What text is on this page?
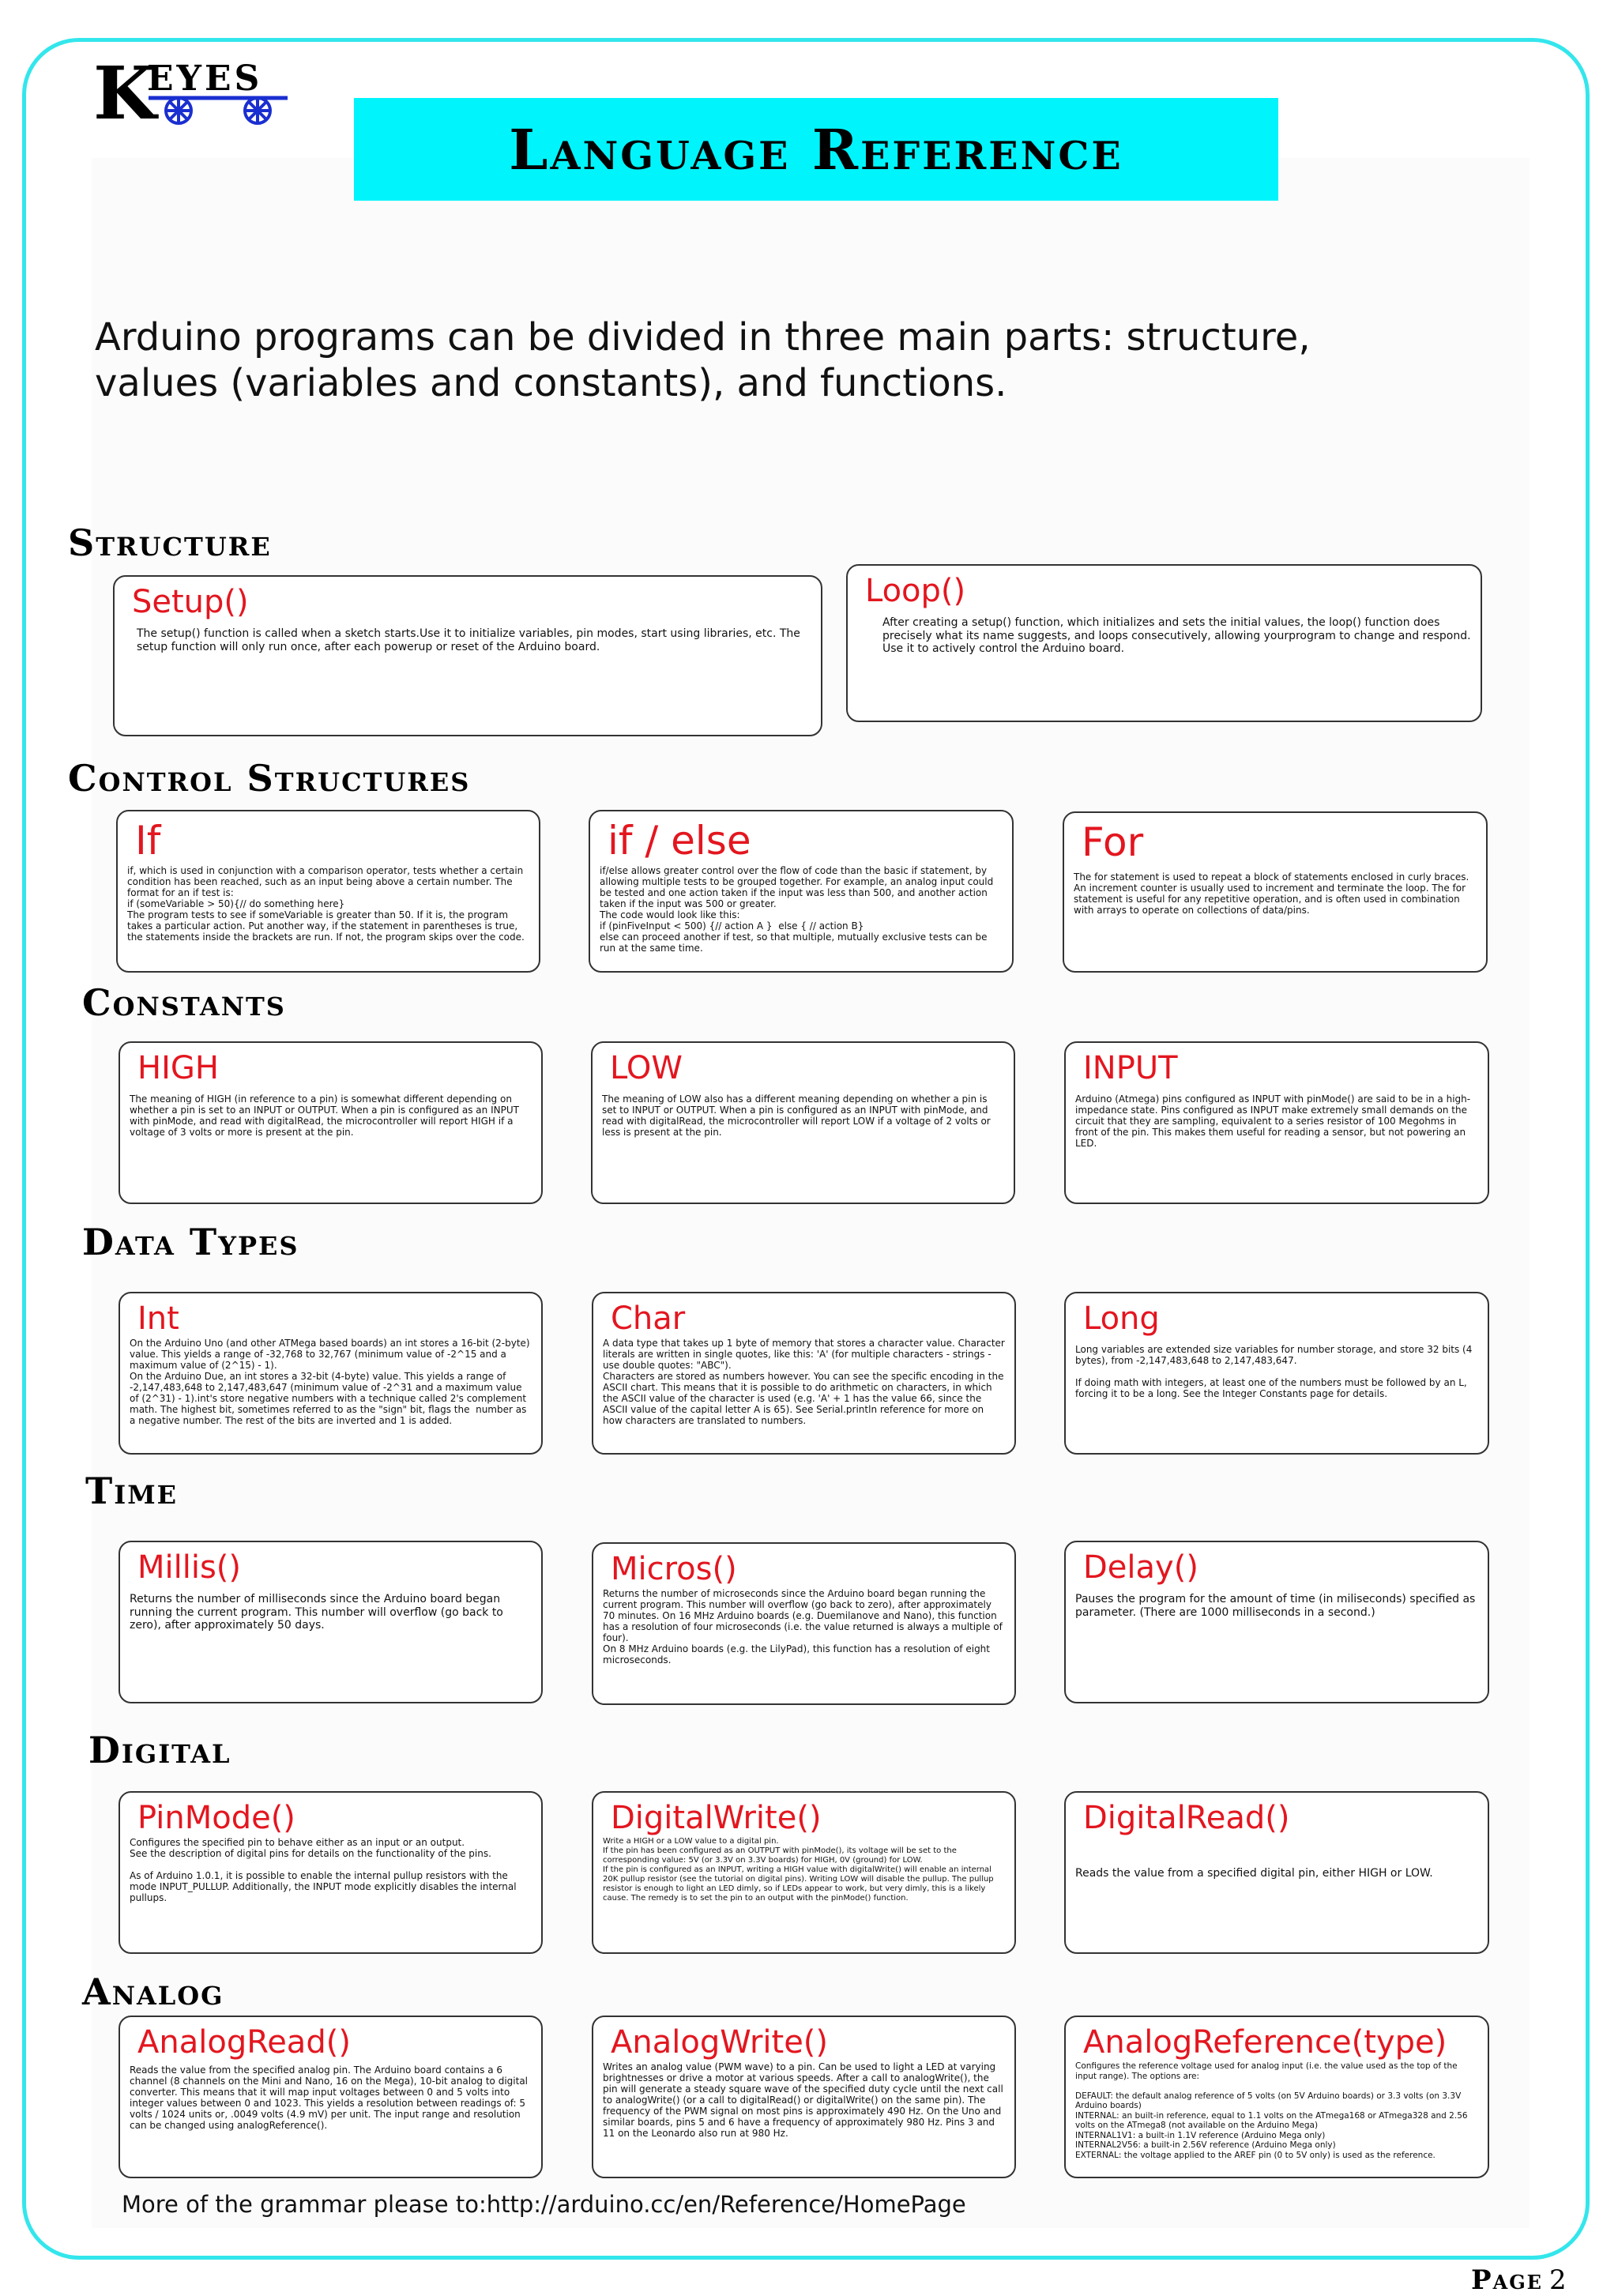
K
EYES
Language Reference
Arduino programs can be divided in three main parts: structure, values (variables and constants), and functions.
Structure
Setup()
The setup() function is called when a sketch starts.Use it to initialize variables, pin modes, start using libraries, etc. The setup function will only run once, after each powerup or reset of the Arduino board.
Loop()
After creating a setup() function, which initializes and sets the initial values, the loop() function does precisely what its name suggests, and loops consecutively, allowing yourprogram to change and respond. Use it to actively control the Arduino board.
Control Structures
If
if, which is used in conjunction with a comparison operator, tests whether a certain condition has been reached, such as an input being above a certain number. The format for an if test is:
if (someVariable > 50){// do something here}
The program tests to see if someVariable is greater than 50. If it is, the program takes a particular action. Put another way, if the statement in parentheses is true, the statements inside the brackets are run. If not, the program skips over the code.
if / else
if/else allows greater control over the flow of code than the basic if statement, by allowing multiple tests to be grouped together. For example, an analog input could be tested and one action taken if the input was less than 500, and another action taken if the input was 500 or greater.
The code would look like this:
if (pinFiveInput < 500) {// action A }  else { // action B}
else can proceed another if test, so that multiple, mutually exclusive tests can be run at the same time.
For
The for statement is used to repeat a block of statements enclosed in curly braces. An increment counter is usually used to increment and terminate the loop. The for statement is useful for any repetitive operation, and is often used in combination with arrays to operate on collections of data/pins.
Constants
HIGH
The meaning of HIGH (in reference to a pin) is somewhat different depending on whether a pin is set to an INPUT or OUTPUT. When a pin is configured as an INPUT with pinMode, and read with digitalRead, the microcontroller will report HIGH if a voltage of 3 volts or more is present at the pin.
LOW
The meaning of LOW also has a different meaning depending on whether a pin is set to INPUT or OUTPUT. When a pin is configured as an INPUT with pinMode, and read with digitalRead, the microcontroller will report LOW if a voltage of 2 volts or less is present at the pin.
INPUT
Arduino (Atmega) pins configured as INPUT with pinMode() are said to be in a high-impedance state. Pins configured as INPUT make extremely small demands on the circuit that they are sampling, equivalent to a series resistor of 100 Megohms in front of the pin. This makes them useful for reading a sensor, but not powering an LED.
Data Types
Int
On the Arduino Uno (and other ATMega based boards) an int stores a 16-bit (2-byte) value. This yields a range of -32,768 to 32,767 (minimum value of -2^15 and a maximum value of (2^15) - 1).
On the Arduino Due, an int stores a 32-bit (4-byte) value. This yields a range of -2,147,483,648 to 2,147,483,647 (minimum value of -2^31 and a maximum value of (2^31) - 1).int's store negative numbers with a technique called 2's complement math. The highest bit, sometimes referred to as the "sign" bit, flags the  number as a negative number. The rest of the bits are inverted and 1 is added.
Char
A data type that takes up 1 byte of memory that stores a character value. Character literals are written in single quotes, like this: 'A' (for multiple characters - strings - use double quotes: "ABC").
Characters are stored as numbers however. You can see the specific encoding in the ASCII chart. This means that it is possible to do arithmetic on characters, in which the ASCII value of the character is used (e.g. 'A' + 1 has the value 66, since the ASCII value of the capital letter A is 65). See Serial.println reference for more on how characters are translated to numbers.
Long
Long variables are extended size variables for number storage, and store 32 bits (4 bytes), from -2,147,483,648 to 2,147,483,647.

If doing math with integers, at least one of the numbers must be followed by an L, forcing it to be a long. See the Integer Constants page for details.
Time
Millis()
Returns the number of milliseconds since the Arduino board began running the current program. This number will overflow (go back to zero), after approximately 50 days.
Micros()
Returns the number of microseconds since the Arduino board began running the current program. This number will overflow (go back to zero), after approximately 70 minutes. On 16 MHz Arduino boards (e.g. Duemilanove and Nano), this function has a resolution of four microseconds (i.e. the value returned is always a multiple of four).
On 8 MHz Arduino boards (e.g. the LilyPad), this function has a resolution of eight microseconds.
Delay()
Pauses the program for the amount of time (in miliseconds) specified as parameter. (There are 1000 milliseconds in a second.)
Digital
PinMode()
Configures the specified pin to behave either as an input or an output.
See the description of digital pins for details on the functionality of the pins.

As of Arduino 1.0.1, it is possible to enable the internal pullup resistors with the mode INPUT_PULLUP. Additionally, the INPUT mode explicitly disables the internal pullups.
DigitalWrite()
Write a HIGH or a LOW value to a digital pin.
If the pin has been configured as an OUTPUT with pinMode(), its voltage will be set to the corresponding value: 5V (or 3.3V on 3.3V boards) for HIGH, 0V (ground) for LOW.
If the pin is configured as an INPUT, writing a HIGH value with digitalWrite() will enable an internal 20K pullup resistor (see the tutorial on digital pins). Writing LOW will disable the pullup. The pullup resistor is enough to light an LED dimly, so if LEDs appear to work, but very dimly, this is a likely cause. The remedy is to set the pin to an output with the pinMode() function.
DigitalRead()
Reads the value from a specified digital pin, either HIGH or LOW.
Analog
AnalogRead()
Reads the value from the specified analog pin. The Arduino board contains a 6 channel (8 channels on the Mini and Nano, 16 on the Mega), 10-bit analog to digital converter. This means that it will map input voltages between 0 and 5 volts into integer values between 0 and 1023. This yields a resolution between readings of: 5 volts / 1024 units or, .0049 volts (4.9 mV) per unit. The input range and resolution can be changed using analogReference().
AnalogWrite()
Writes an analog value (PWM wave) to a pin. Can be used to light a LED at varying brightnesses or drive a motor at various speeds. After a call to analogWrite(), the pin will generate a steady square wave of the specified duty cycle until the next call to analogWrite() (or a call to digitalRead() or digitalWrite() on the same pin). The frequency of the PWM signal on most pins is approximately 490 Hz. On the Uno and similar boards, pins 5 and 6 have a frequency of approximately 980 Hz. Pins 3 and 11 on the Leonardo also run at 980 Hz.
AnalogReference(type)
Configures the reference voltage used for analog input (i.e. the value used as the top of the input range). The options are:

DEFAULT: the default analog reference of 5 volts (on 5V Arduino boards) or 3.3 volts (on 3.3V Arduino boards)
INTERNAL: an built-in reference, equal to 1.1 volts on the ATmega168 or ATmega328 and 2.56 volts on the ATmega8 (not available on the Arduino Mega)
INTERNAL1V1: a built-in 1.1V reference (Arduino Mega only)
INTERNAL2V56: a built-in 2.56V reference (Arduino Mega only)
EXTERNAL: the voltage applied to the AREF pin (0 to 5V only) is used as the reference.
More of the grammar please to:http://arduino.cc/en/Reference/HomePage
Page 2
